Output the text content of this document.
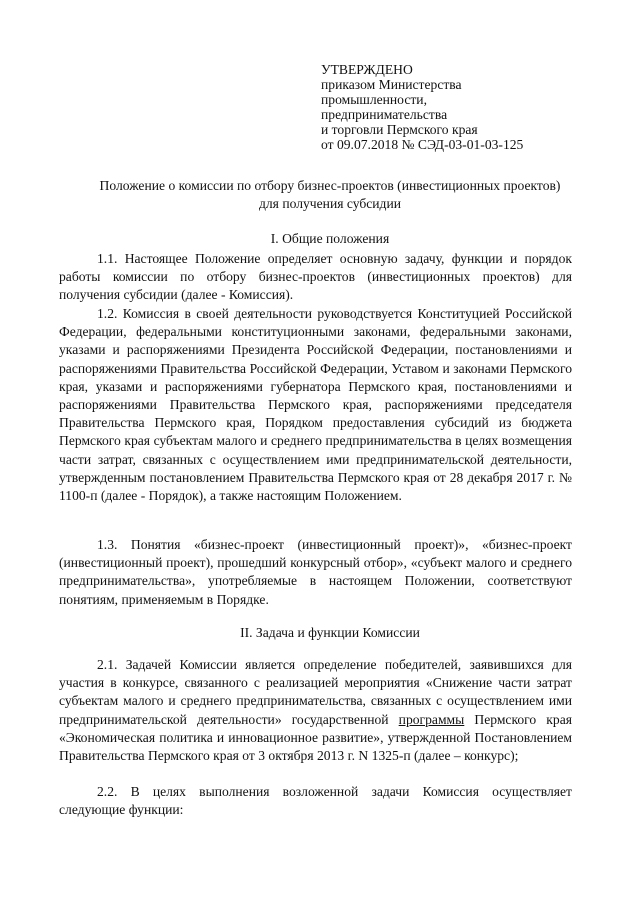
УТВЕРЖДЕНО
приказом Министерства
промышленности,
предпринимательства
и торговли Пермского края
от 09.07.2018 № СЭД-03-01-03-125
Положение о комиссии по отбору бизнес-проектов (инвестиционных проектов)
для получения субсидии
I. Общие положения

1.1. Настоящее Положение определяет основную задачу, функции и порядок работы комиссии по отбору бизнес-проектов (инвестиционных проектов) для получения субсидии (далее - Комиссия).

1.2. Комиссия в своей деятельности руководствуется Конституцией Российской Федерации, федеральными конституционными законами, федеральными законами, указами и распоряжениями Президента Российской Федерации, постановлениями и распоряжениями Правительства Российской Федерации, Уставом и законами Пермского края, указами и распоряжениями губернатора Пермского края, постановлениями и распоряжениями Правительства Пермского края, распоряжениями председателя Правительства Пермского края, Порядком предоставления субсидий из бюджета Пермского края субъектам малого и среднего предпринимательства в целях возмещения части затрат, связанных с осуществлением ими предпринимательской деятельности, утвержденным постановлением Правительства Пермского края от 28 декабря 2017 г. № 1100-п (далее - Порядок), а также настоящим Положением.

1.3. Понятия «бизнес-проект (инвестиционный проект)», «бизнес-проект (инвестиционный проект), прошедший конкурсный отбор», «субъект малого и среднего предпринимательства», употребляемые в настоящем Положении, соответствуют понятиям, применяемым в Порядке.

II. Задача и функции Комиссии

2.1. Задачей Комиссии является определение победителей, заявившихся для участия в конкурсе, связанного с реализацией мероприятия «Снижение части затрат субъектам малого и среднего предпринимательства, связанных с осуществлением ими предпринимательской деятельности» государственной программы Пермского края «Экономическая политика и инновационное развитие», утвержденной Постановлением Правительства Пермского края от 3 октября 2013 г. N 1325-п (далее – конкурс);

2.2. В целях выполнения возложенной задачи Комиссия осуществляет следующие функции:
